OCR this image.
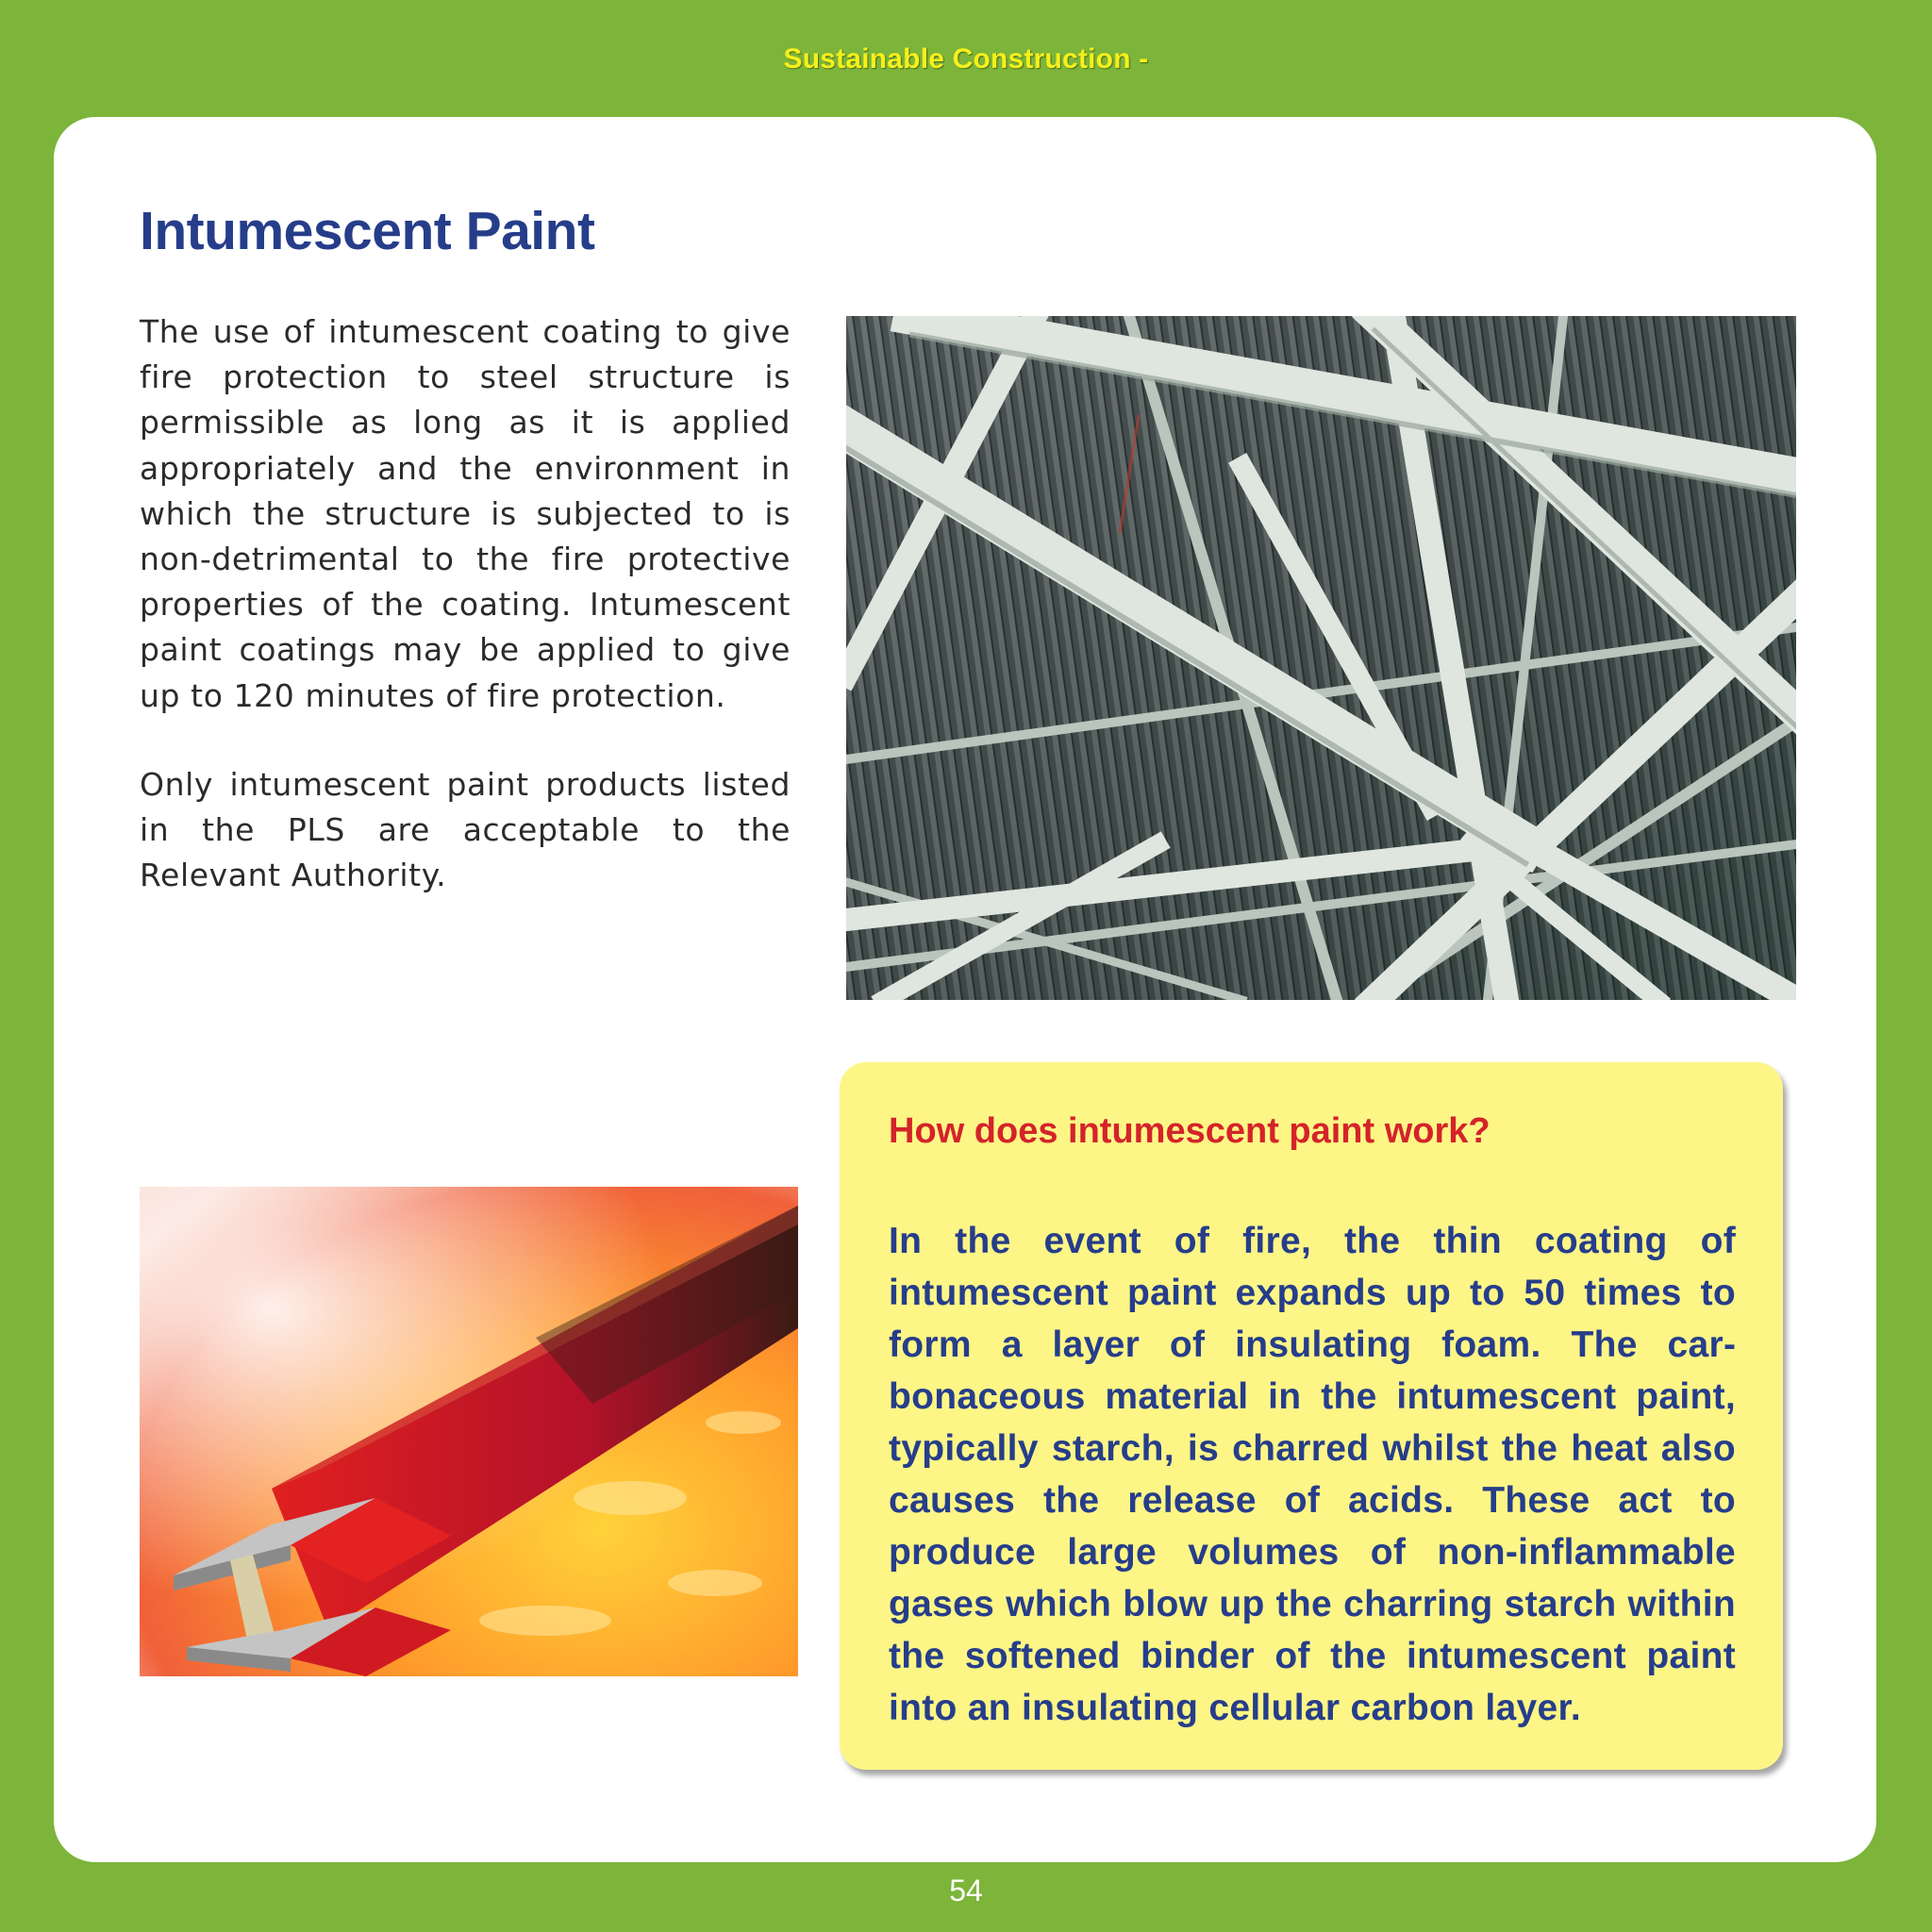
Sustainable Construction -
Intumescent Paint

The use of intumescent coating to give fire protection to steel structure is permissible as long as it is applied appropriately and the environment in which the structure is subjected to is non-detrimental to the fire protective properties of the coating. Intumescent paint coatings may be applied to give up to 120 minutes of fire protection.

Only intumescent paint products listed in the PLS are acceptable to the Relevant Authority.

How does intumescent paint work?

In the event of fire, the thin coating of intumescent paint expands up to 50 times to form a layer of insulating foam. The carbonaceous material in the intumescent paint, typically starch, is charred whilst the heat also causes the release of acids. These act to produce large volumes of non-inflammable gases which blow up the charring starch within the softened binder of the intumescent paint into an insulating cellular carbon layer.

54
